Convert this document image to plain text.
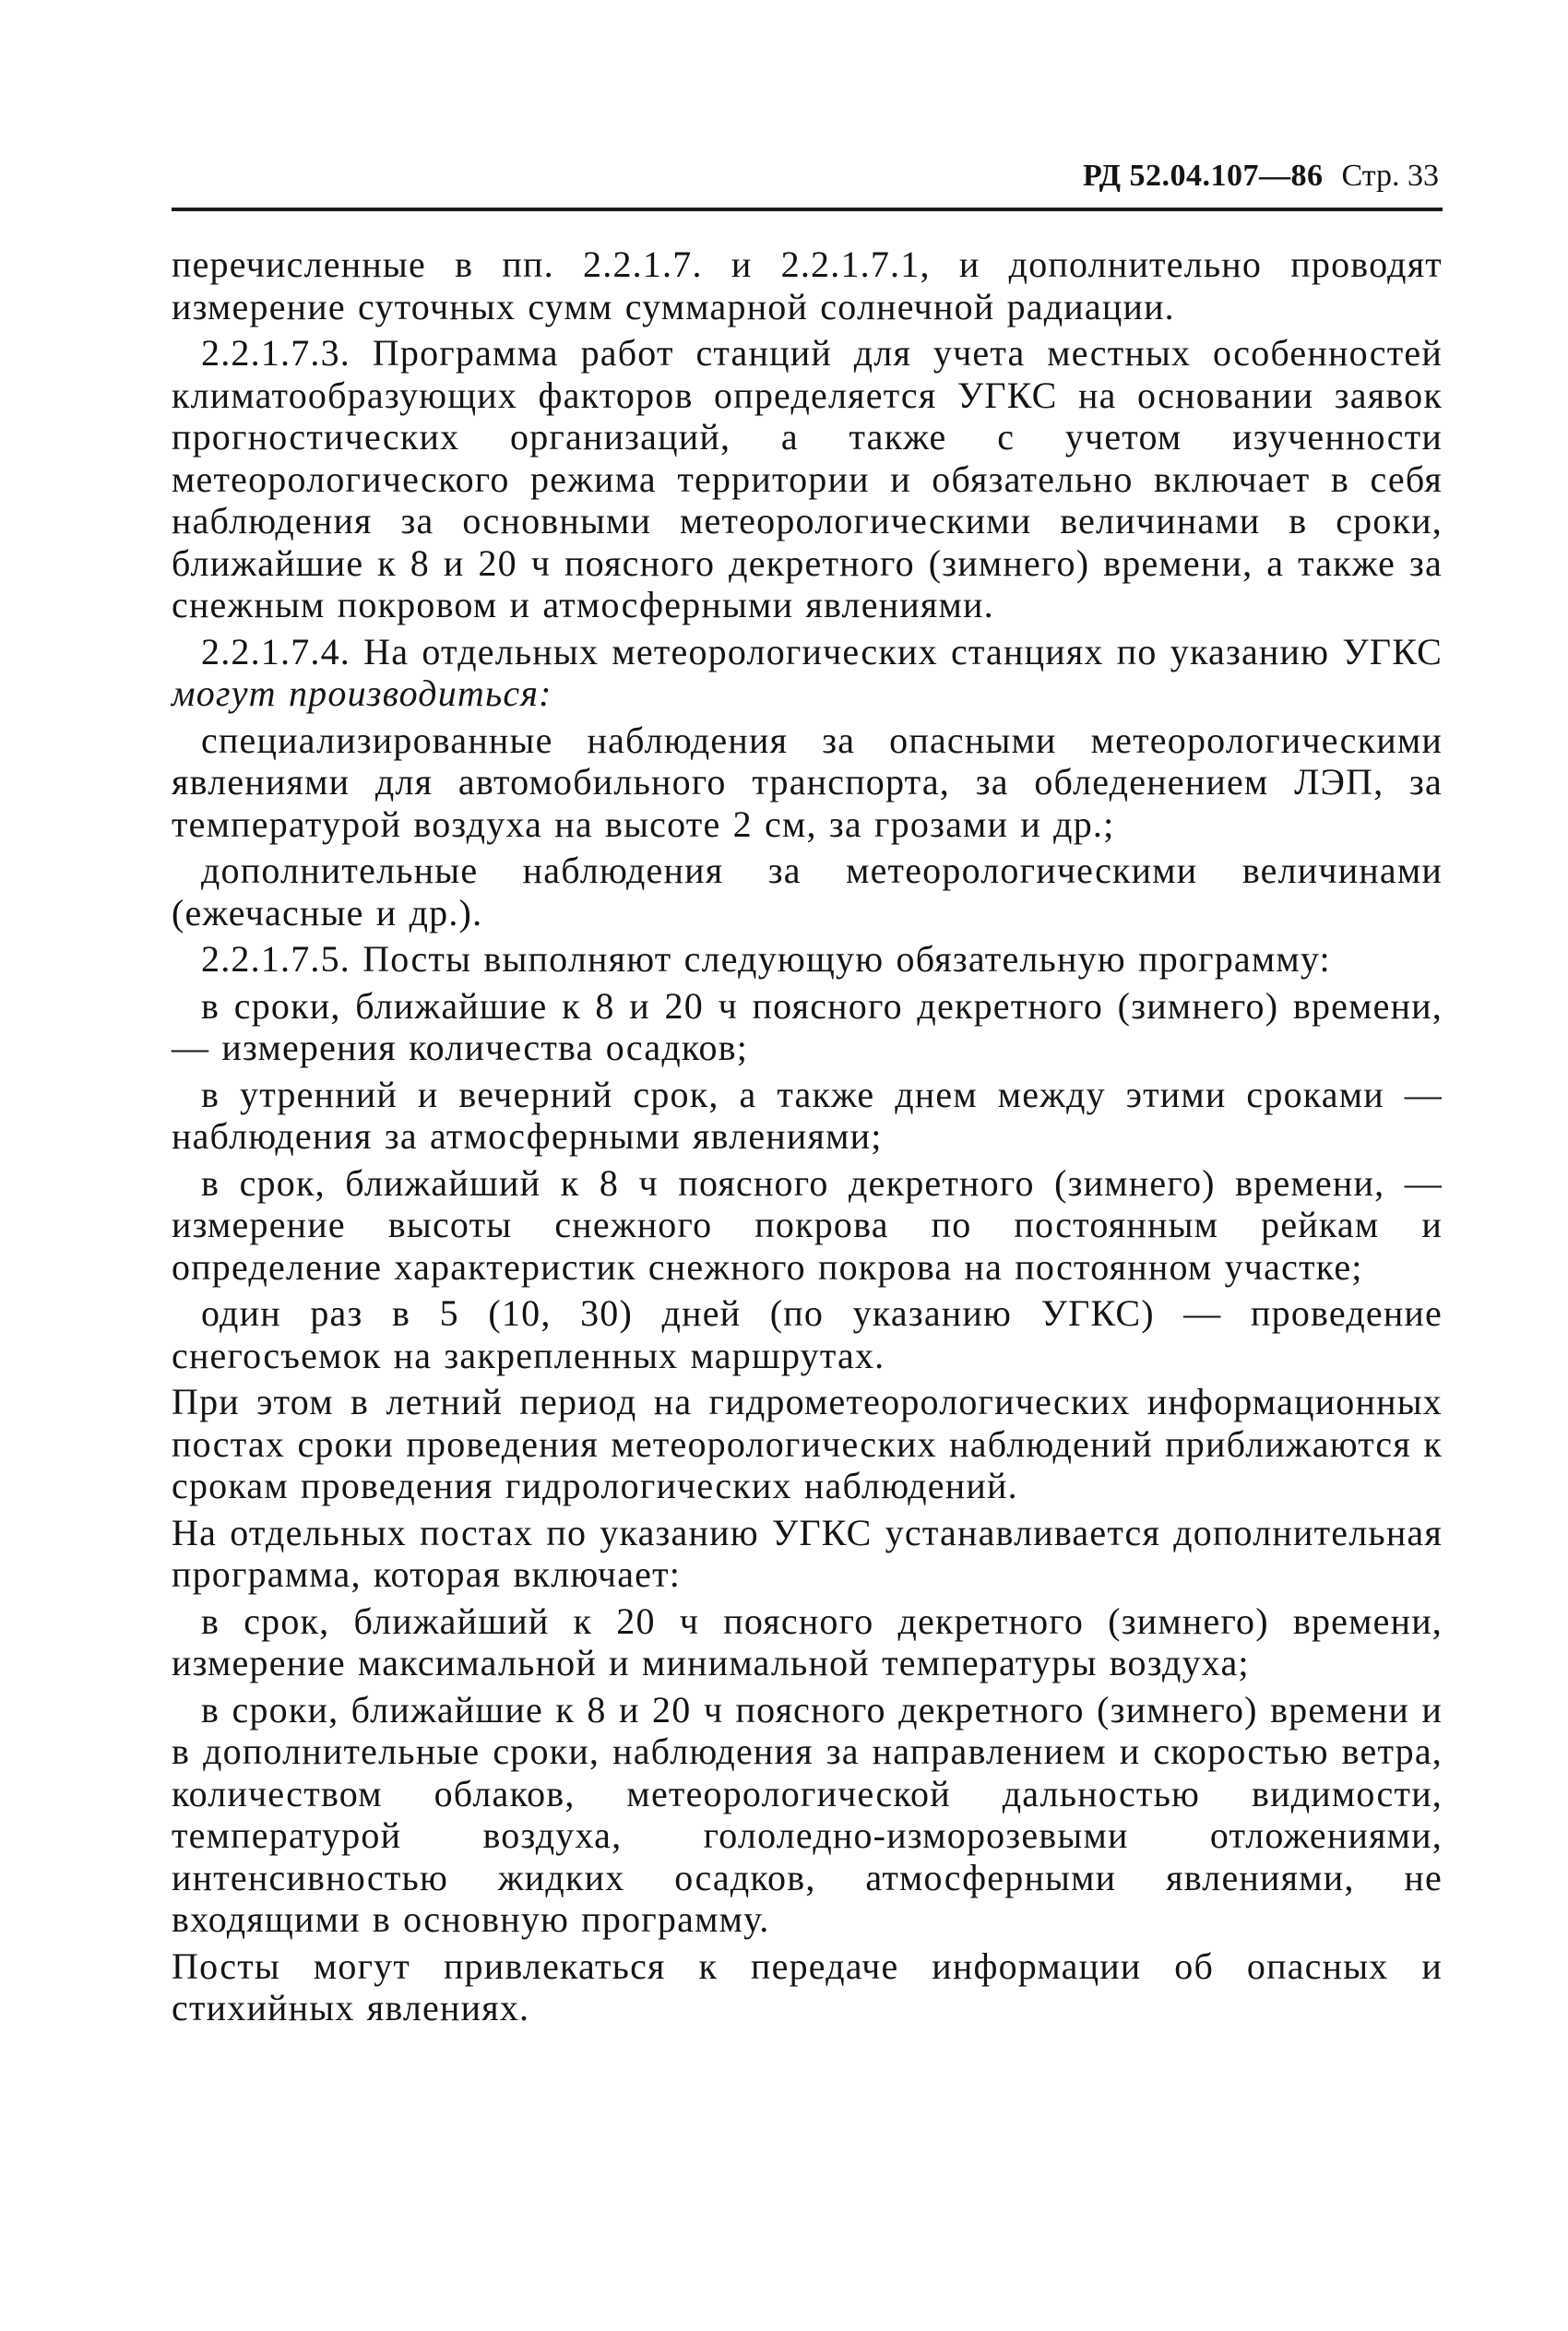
РД 52.04.107—86 Стр. 33

перечисленные в пп. 2.2.1.7. и 2.2.1.7.1, и дополнительно проводят измерение суточных сумм суммарной солнечной радиации.

2.2.1.7.3. Программа работ станций для учета местных особенностей климатообразующих факторов определяется УГКС на основании заявок прогностических организаций, а также с учетом изученности метеорологического режима территории и обязательно включает в себя наблюдения за основными метеорологическими величинами в сроки, ближайшие к 8 и 20 ч поясного декретного (зимнего) времени, а также за снежным покровом и атмосферными явлениями.

2.2.1.7.4. На отдельных метеорологических станциях по указанию УГКС могут производиться:

специализированные наблюдения за опасными метеорологическими явлениями для автомобильного транспорта, за обледенением ЛЭП, за температурой воздуха на высоте 2 см, за грозами и др.;

дополнительные наблюдения за метеорологическими величинами (ежечасные и др.).

2.2.1.7.5. Посты выполняют следующую обязательную программу:

в сроки, ближайшие к 8 и 20 ч поясного декретного (зимнего) времени, — измерения количества осадков;

в утренний и вечерний срок, а также днем между этими сроками — наблюдения за атмосферными явлениями;

в срок, ближайший к 8 ч поясного декретного (зимнего) времени, — измерение высоты снежного покрова по постоянным рейкам и определение характеристик снежного покрова на постоянном участке;

один раз в 5 (10, 30) дней (по указанию УГКС) — проведение снегосъемок на закрепленных маршрутах.

При этом в летний период на гидрометеорологических информационных постах сроки проведения метеорологических наблюдений приближаются к срокам проведения гидрологических наблюдений.

На отдельных постах по указанию УГКС устанавливается дополнительная программа, которая включает:

в срок, ближайший к 20 ч поясного декретного (зимнего) времени, измерение максимальной и минимальной температуры воздуха;

в сроки, ближайшие к 8 и 20 ч поясного декретного (зимнего) времени и в дополнительные сроки, наблюдения за направлением и скоростью ветра, количеством облаков, метеорологической дальностью видимости, температурой воздуха, гололедно-изморозевыми отложениями, интенсивностью жидких осадков, атмосферными явлениями, не входящими в основную программу.

Посты могут привлекаться к передаче информации об опасных и стихийных явлениях.
